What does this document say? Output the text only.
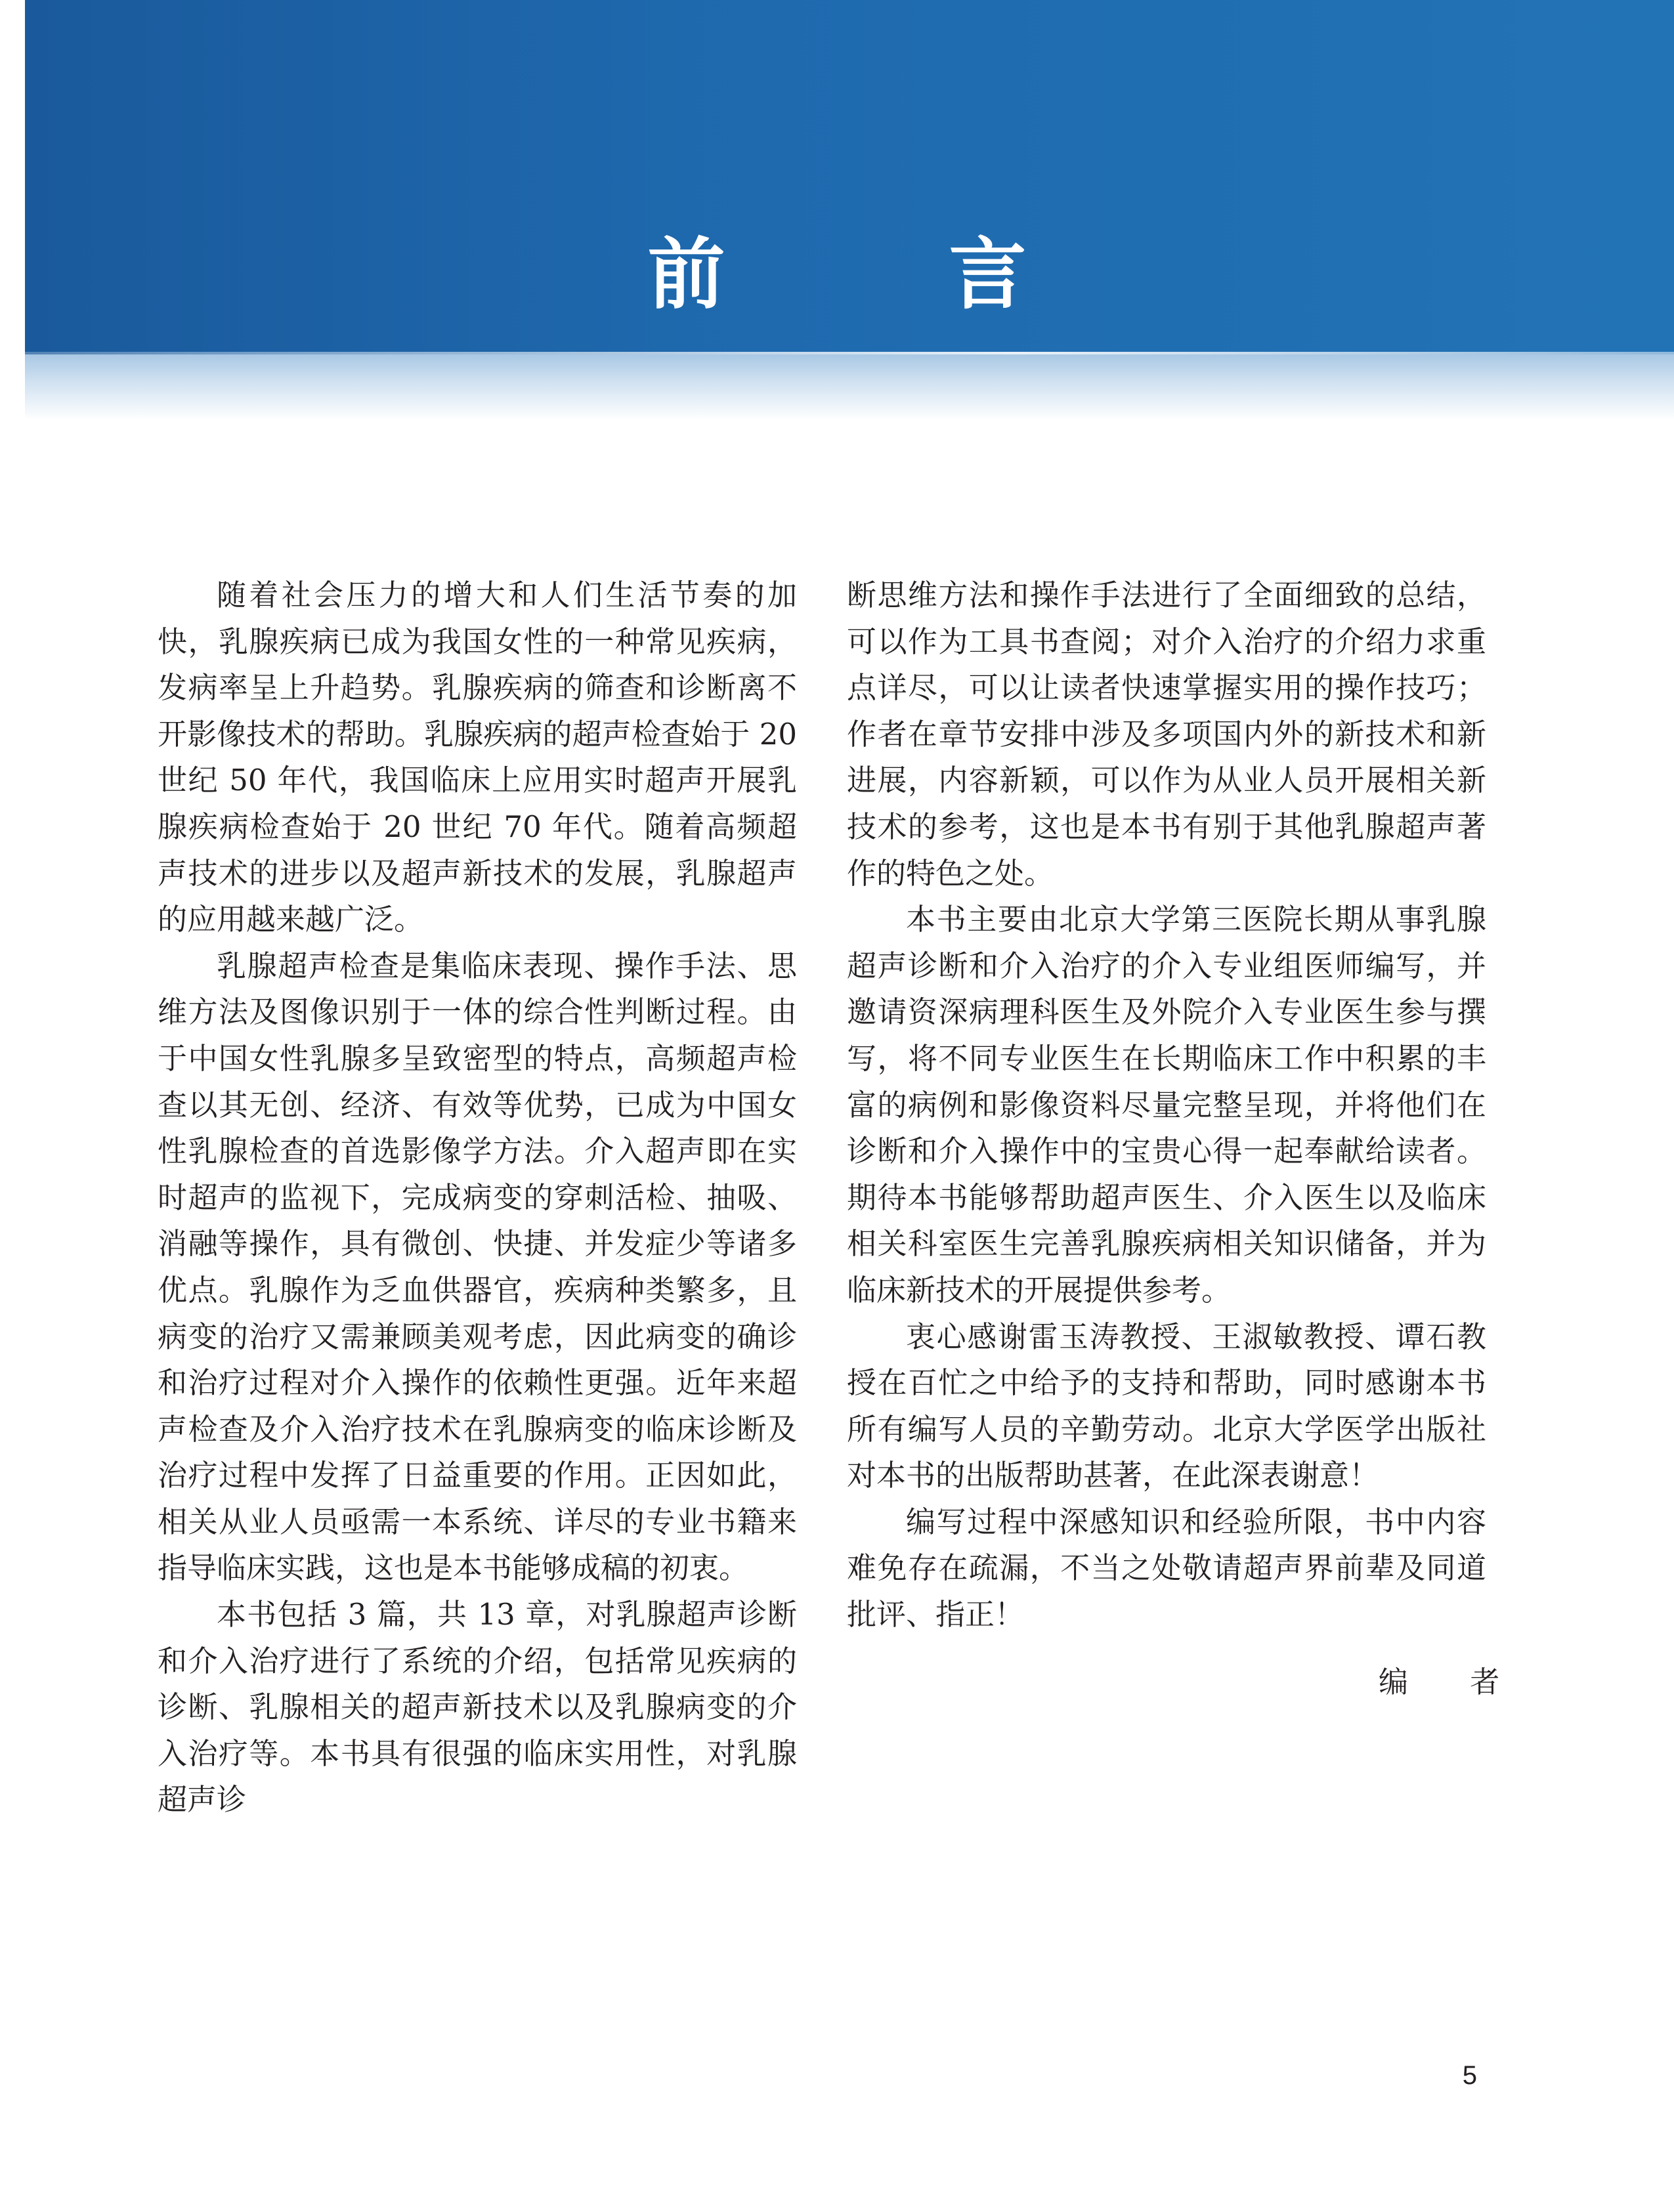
前 言

随着社会压力的增大和人们生活节奏的加快，乳腺疾病已成为我国女性的一种常见疾病，发病率呈上升趋势。乳腺疾病的筛查和诊断离不开影像技术的帮助。乳腺疾病的超声检查始于 20 世纪 50 年代，我国临床上应用实时超声开展乳腺疾病检查始于 20 世纪 70 年代。随着高频超声技术的进步以及超声新技术的发展，乳腺超声的应用越来越广泛。

乳腺超声检查是集临床表现、操作手法、思维方法及图像识别于一体的综合性判断过程。由于中国女性乳腺多呈致密型的特点，高频超声检查以其无创、经济、有效等优势，已成为中国女性乳腺检查的首选影像学方法。介入超声即在实时超声的监视下，完成病变的穿刺活检、抽吸、消融等操作，具有微创、快捷、并发症少等诸多优点。乳腺作为乏血供器官，疾病种类繁多，且病变的治疗又需兼顾美观考虑，因此病变的确诊和治疗过程对介入操作的依赖性更强。近年来超声检查及介入治疗技术在乳腺病变的临床诊断及治疗过程中发挥了日益重要的作用。正因如此，相关从业人员亟需一本系统、详尽的专业书籍来指导临床实践，这也是本书能够成稿的初衷。

本书包括 3 篇，共 13 章，对乳腺超声诊断和介入治疗进行了系统的介绍，包括常见疾病的诊断、乳腺相关的超声新技术以及乳腺病变的介入治疗等。本书具有很强的临床实用性，对乳腺超声诊

断思维方法和操作手法进行了全面细致的总结，可以作为工具书查阅；对介入治疗的介绍力求重点详尽，可以让读者快速掌握实用的操作技巧；作者在章节安排中涉及多项国内外的新技术和新进展，内容新颖，可以作为从业人员开展相关新技术的参考，这也是本书有别于其他乳腺超声著作的特色之处。

本书主要由北京大学第三医院长期从事乳腺超声诊断和介入治疗的介入专业组医师编写，并邀请资深病理科医生及外院介入专业医生参与撰写，将不同专业医生在长期临床工作中积累的丰富的病例和影像资料尽量完整呈现，并将他们在诊断和介入操作中的宝贵心得一起奉献给读者。期待本书能够帮助超声医生、介入医生以及临床相关科室医生完善乳腺疾病相关知识储备，并为临床新技术的开展提供参考。

衷心感谢雷玉涛教授、王淑敏教授、谭石教授在百忙之中给予的支持和帮助，同时感谢本书所有编写人员的辛勤劳动。北京大学医学出版社对本书的出版帮助甚著，在此深表谢意！

编写过程中深感知识和经验所限，书中内容难免存在疏漏，不当之处敬请超声界前辈及同道批评、指正！

编 者
5
